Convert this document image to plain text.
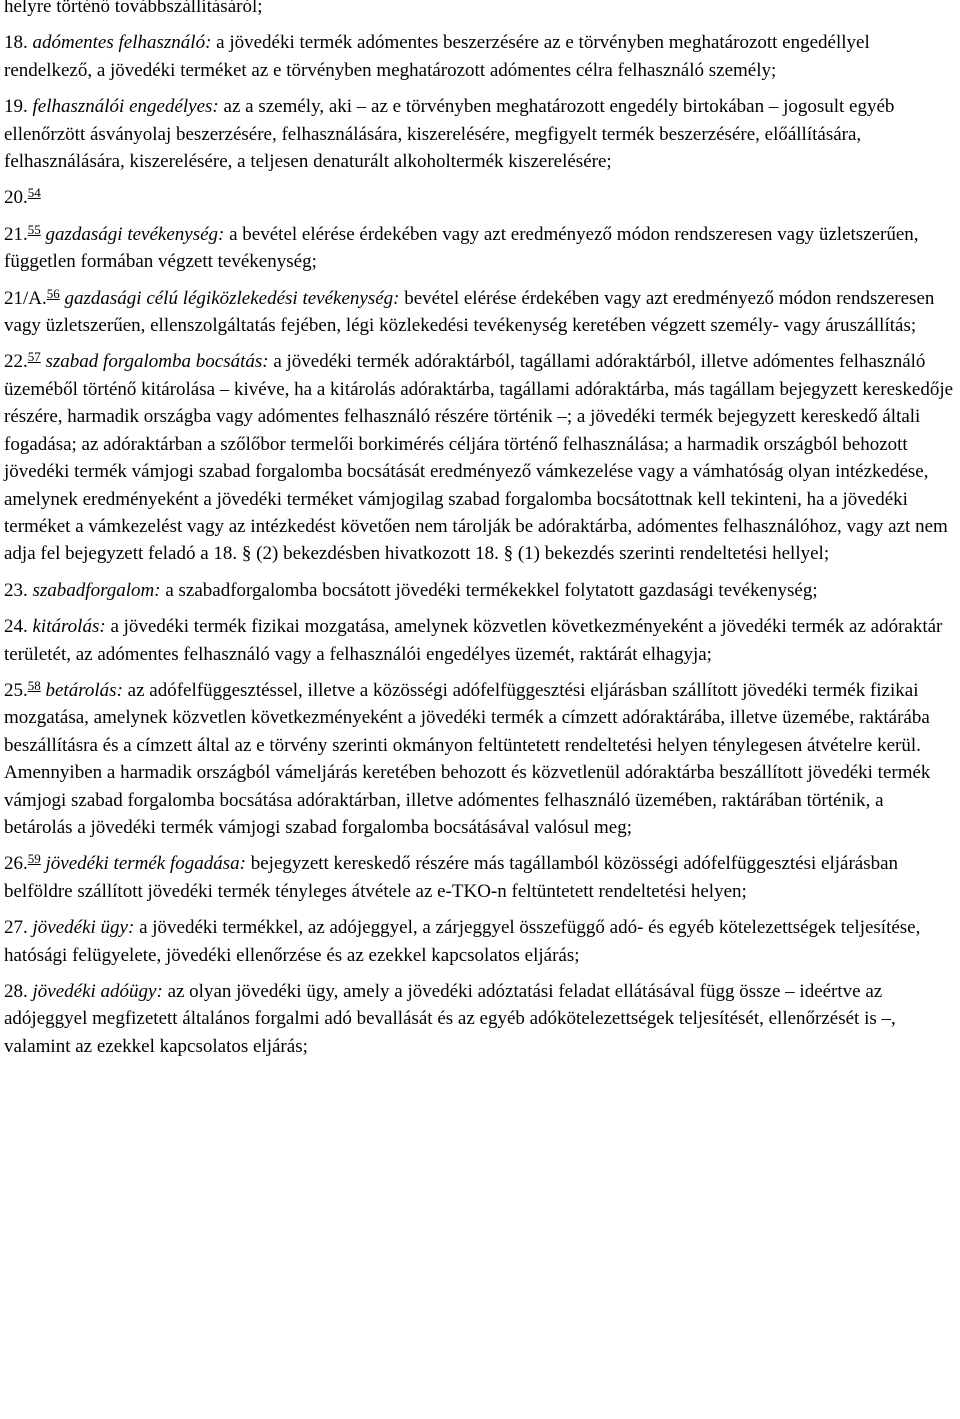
helyre történő továbbszállításáról;

18. adómentes felhasználó: a jövedéki termék adómentes beszerzésére az e törvényben meghatározott engedéllyel rendelkező, a jövedéki terméket az e törvényben meghatározott adómentes célra felhasználó személy;

19. felhasználói engedélyes: az a személy, aki – az e törvényben meghatározott engedély birtokában – jogosult egyéb ellenőrzött ásványolaj beszerzésére, felhasználására, kiszerelésére, megfigyelt termék beszerzésére, előállítására, felhasználására, kiszerelésére, a teljesen denaturált alkoholtermék kiszerelésére;

20.54

21.55 gazdasági tevékenység: a bevétel elérése érdekében vagy azt eredményező módon rendszeresen vagy üzletszerűen, független formában végzett tevékenység;

21/A.$^{56}$ gazdasági célú légiközlekedési tevékenység: bevétel elérése érdekében vagy azt eredményező módon rendszeresen vagy üzletszerűen, ellenszolgáltatás fejében, légi közlekedési tevékenység keretében végzett személy- vagy áruszállítás;

22.57 szabad forgalomba bocsátás: a jövedéki termék adóraktárból, tagállami adóraktárból, illetve adómentes felhasználó üzeméből történő kitárolása – kivéve, ha a kitárolás adóraktárba, tagállami adóraktárba, más tagállam bejegyzett kereskedője részére, harmadik országba vagy adómentes felhasználó részére történik –; a jövedéki termék bejegyzett kereskedő általi fogadása; az adóraktárban a szőlőbor termelői borkimérés céljára történő felhasználása; a harmadik országból behozott jövedéki termék vámjogi szabad forgalomba bocsátását eredményező vámkezelése vagy a vámhatóság olyan intézkedése, amelynek eredményeként a jövedéki terméket vámjogilag szabad forgalomba bocsátottnak kell tekinteni, ha a jövedéki terméket a vámkezelést vagy az intézkedést követően nem tárolják be adóraktárba, adómentes felhasználóhoz, vagy azt nem adja fel bejegyzett feladó a 18. § (2) bekezdésben hivatkozott 18. § (1) bekezdés szerinti rendeltetési hellyel;

23. szabadforgalom: a szabadforgalomba bocsátott jövedéki termékekkel folytatott gazdasági tevékenység;

24. kitárolás: a jövedéki termék fizikai mozgatása, amelynek közvetlen következményeként a jövedéki termék az adóraktár területét, az adómentes felhasználó vagy a felhasználói engedélyes üzemét, raktárát elhagyja;

25.58 betárolás: az adófelfüggesztéssel, illetve a közösségi adófelfüggesztési eljárásban szállított jövedéki termék fizikai mozgatása, amelynek közvetlen következményeként a jövedéki termék a címzett adóraktárába, illetve üzemébe, raktárába beszállításra és a címzett által az e törvény szerinti okmányon feltüntetett rendeltetési helyen ténylegesen átvételre kerül. Amennyiben a harmadik országból vámeljárás keretében behozott és közvetlenül adóraktárba beszállított jövedéki termék vámjogi szabad forgalomba bocsátása adóraktárban, illetve adómentes felhasználó üzemében, raktárában történik, a betárolás a jövedéki termék vámjogi szabad forgalomba bocsátásával valósul meg;

26.59 jövedéki termék fogadása: bejegyzett kereskedő részére más tagállamból közösségi adófelfüggesztési eljárásban belföldre szállított jövedéki termék tényleges átvétele az e-TKO-n feltüntetett rendeltetési helyen;

27. jövedéki ügy: a jövedéki termékkel, az adójeggyel, a zárjeggyel összefüggő adó- és egyéb kötelezettségek teljesítése, hatósági felügyelete, jövedéki ellenőrzése és az ezekkel kapcsolatos eljárás;

28. jövedéki adóügy: az olyan jövedéki ügy, amely a jövedéki adóztatási feladat ellátásával függ össze – ideértve az adójeggyel megfizetett általános forgalmi adó bevallását és az egyéb adókötelezettségek teljesítését, ellenőrzését is –, valamint az ezekkel kapcsolatos eljárás;
